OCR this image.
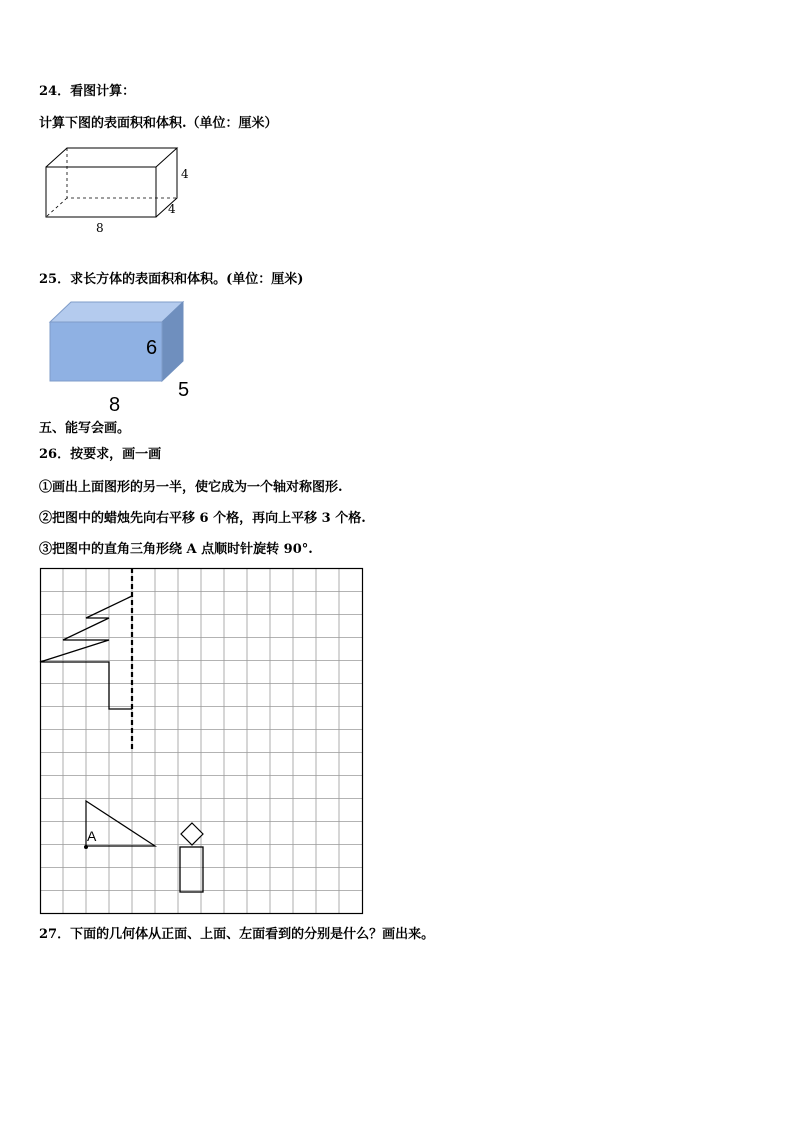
24．看图计算：
计算下图的表面积和体积.（单位：厘米）
4
4
8
25．求长方体的表面积和体积。(单位：厘米)
6
5
8
五、能写会画。
26．按要求，画一画
①画出上面图形的另一半，使它成为一个轴对称图形.
②把图中的蜡烛先向右平移 6 个格，再向上平移 3 个格.
③把图中的直角三角形绕 A 点顺时针旋转 90°.
A
27．下面的几何体从正面、上面、左面看到的分别是什么？画出来。
